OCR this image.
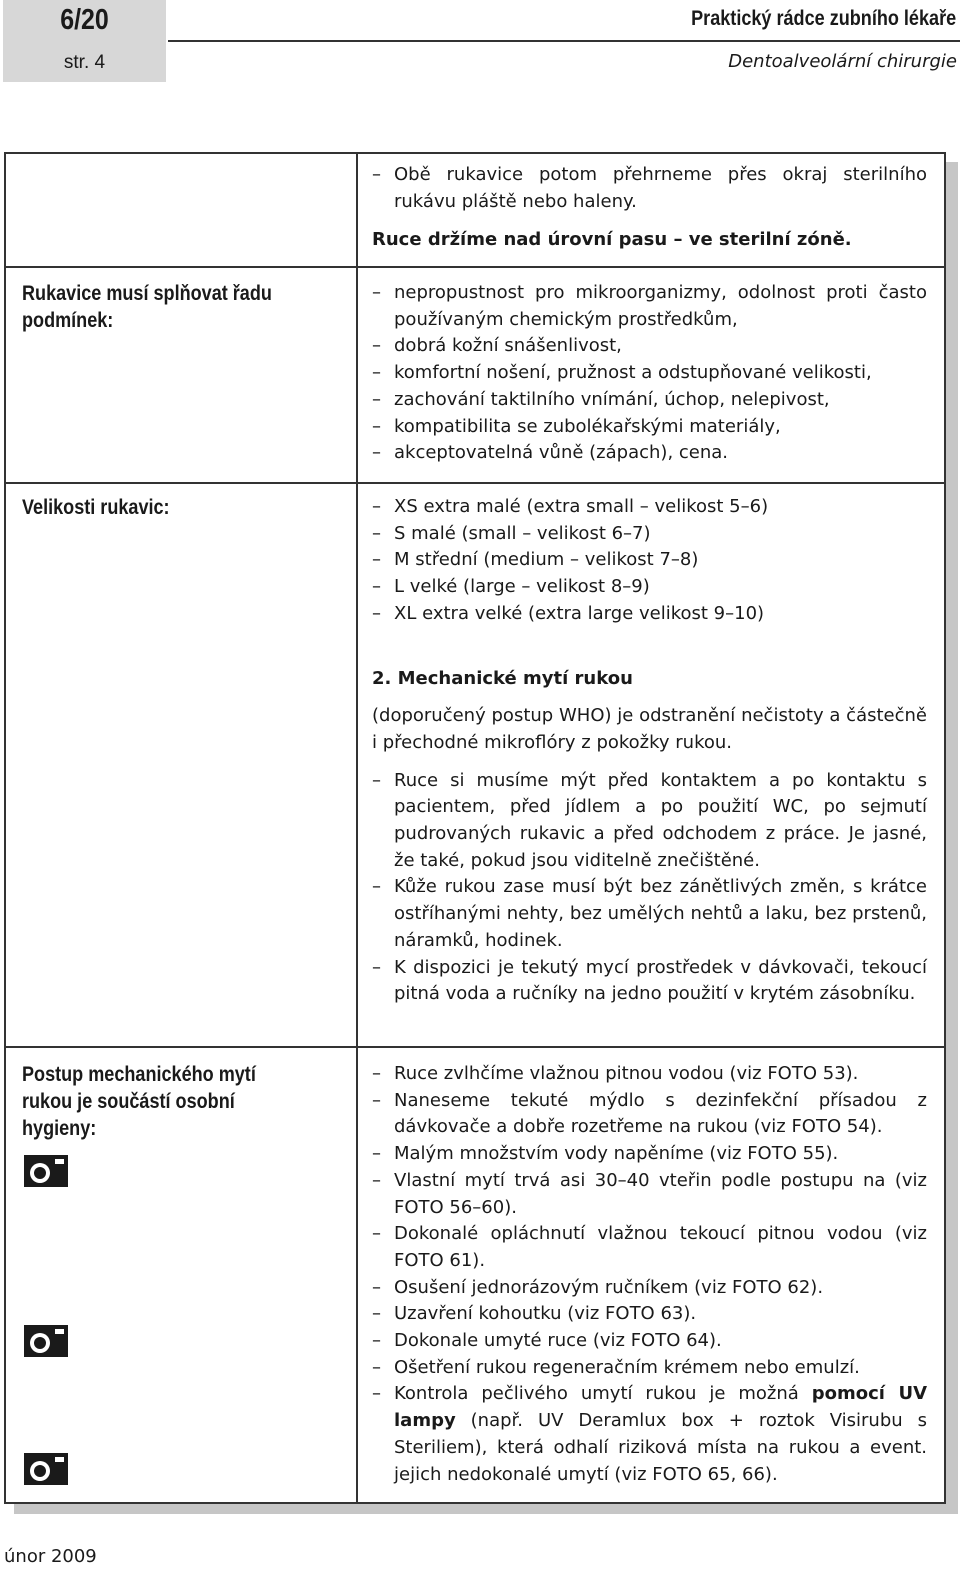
6/20
str. 4
Praktický rádce zubního lékaře
Dentoalveolární chirurgie
– Obě rukavice potom přehrneme přes okraj sterilního rukávu pláště nebo haleny.

Ruce držíme nad úrovní pasu – ve sterilní zóně.

Rukavice musí splňovat řadu
podmínek:
– nepropustnost pro mikroorganizmy, odolnost proti často používaným chemickým prostředkům,
– dobrá kožní snášenlivost,
– komfortní nošení, pružnost a odstupňované velikosti,
– zachování taktilního vnímání, úchop, nelepivost,
– kompatibilita se zubolékařskými materiály,
– akceptovatelná vůně (zápach), cena.
Velikosti rukavic:
–	XS extra malé (extra small – velikost 5–6)
– S malé (small – velikost 6–7)
– M střední (medium – velikost 7–8)
– L velké (large – velikost 8–9)
– XL extra velké (extra large velikost 9–10)

2. Mechanické mytí rukou

(doporučený postup WHO) je odstranění nečistoty a částečně i přechodné mikroflóry z pokožky rukou.

– Ruce si musíme mýt před kontaktem a po kontaktu s pacientem, před jídlem a po použití WC, po sejmutí pudrovaných rukavic a před odchodem z práce. Je jasné, že také, pokud jsou viditelně znečištěné.
– Kůže rukou zase musí být bez zánětlivých změn, s krátce ostříhanými nehty, bez umělých nehtů a laku, bez prstenů, náramků, hodinek.
– K dispozici je tekutý mycí prostředek v dávkovači, tekoucí pitná voda a ručníky na jedno použití v krytém zásobníku.
Postup mechanického mytí
rukou je součástí osobní
hygieny:
– Ruce zvlhčíme vlažnou pitnou vodou (viz FOTO 53).
– Naneseme tekuté mýdlo s dezinfekční přísadou z dávkovače a dobře rozetřeme na rukou (viz FOTO 54).
– Malým množstvím vody napěníme (viz FOTO 55).
– Vlastní mytí trvá asi 30–40 vteřin podle postupu na (viz FOTO 56–60).
– Dokonalé opláchnutí vlažnou tekoucí pitnou vodou (viz FOTO 61).
– Osušení jednorázovým ručníkem (viz FOTO 62).
– Uzavření kohoutku (viz FOTO 63).
– Dokonale umyté ruce (viz FOTO 64).
– Ošetření rukou regeneračním krémem nebo emulzí.
– Kontrola pečlivého umytí rukou je možná pomocí UV lampy (např. UV Deramlux box + roztok Visirubu s Steriliem), která odhalí riziková místa na rukou a event. jejich nedokonalé umytí (viz FOTO 65, 66).
únor 2009
